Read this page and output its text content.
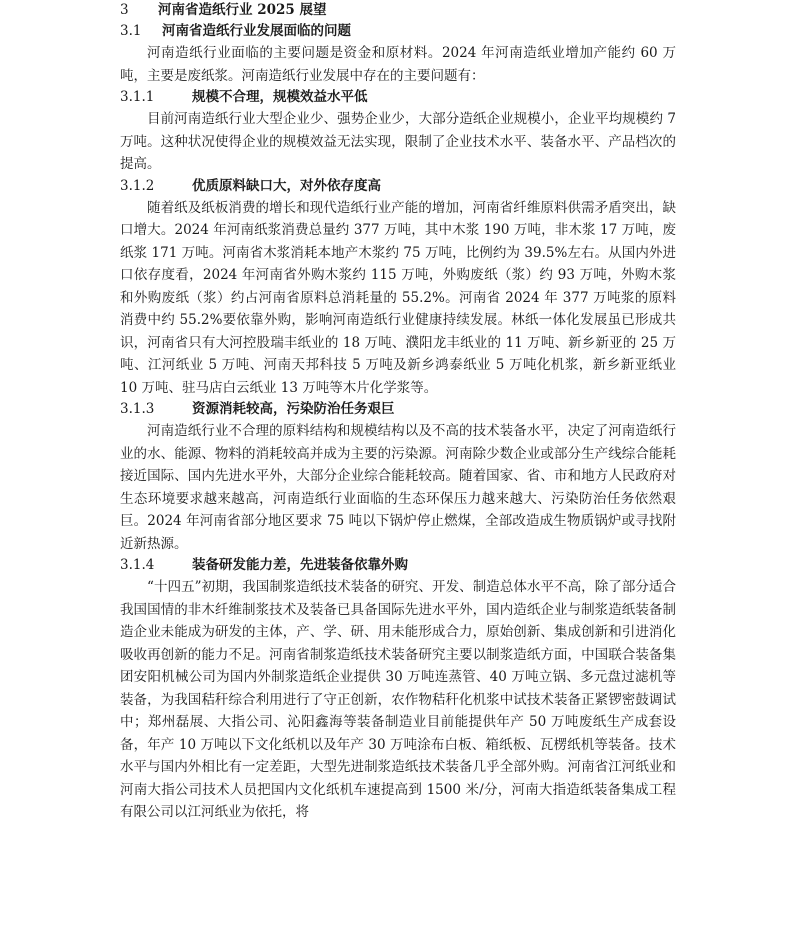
3 河南省造纸行业 2025 展望
3.1 河南省造纸行业发展面临的问题

河南造纸行业面临的主要问题是资金和原材料。2024 年河南造纸业增加产能约 60 万吨，主要是废纸浆。河南造纸行业发展中存在的主要问题有：

3.1.1	规模不合理，规模效益水平低

目前河南造纸行业大型企业少、强势企业少，大部分造纸企业规模小，企业平均规模约 7 万吨。这种状况使得企业的规模效益无法实现，限制了企业技术水平、装备水平、产品档次的提高。

3.1.2	优质原料缺口大，对外依存度高

随着纸及纸板消费的增长和现代造纸行业产能的增加，河南省纤维原料供需矛盾突出，缺口增大。2024 年河南纸浆消费总量约 377 万吨，其中木浆 190 万吨，非木浆 17 万吨，废纸浆 171 万吨。河南省木浆消耗本地产木浆约 75 万吨，比例约为 39.5%左右。从国内外进口依存度看，2024 年河南省外购木浆约 115 万吨，外购废纸（浆）约 93 万吨，外购木浆和外购废纸（浆）约占河南省原料总消耗量的 55.2%。河南省 2024 年 377 万吨浆的原料消费中约 55.2%要依靠外购，影响河南造纸行业健康持续发展。林纸一体化发展虽已形成共识，河南省只有大河控股瑞丰纸业的 18 万吨、濮阳龙丰纸业的 11 万吨、新乡新亚的 25 万吨、江河纸业 5 万吨、河南天邦科技 5 万吨及新乡鸿泰纸业 5 万吨化机浆，新乡新亚纸业 10 万吨、驻马店白云纸业 13 万吨等木片化学浆等。

3.1.3	资源消耗较高，污染防治任务艰巨

河南造纸行业不合理的原料结构和规模结构以及不高的技术装备水平，决定了河南造纸行业的水、能源、物料的消耗较高并成为主要的污染源。河南除少数企业或部分生产线综合能耗接近国际、国内先进水平外，大部分企业综合能耗较高。随着国家、省、市和地方人民政府对生态环境要求越来越高，河南造纸行业面临的生态环保压力越来越大、污染防治任务依然艰巨。2024 年河南省部分地区要求 75 吨以下锅炉停止燃煤，全部改造成生物质锅炉或寻找附近新热源。

3.1.4	装备研发能力差，先进装备依靠外购

“十四五”初期，我国制浆造纸技术装备的研究、开发、制造总体水平不高，除了部分适合我国国情的非木纤维制浆技术及装备已具备国际先进水平外，国内造纸企业与制浆造纸装备制造企业未能成为研发的主体，产、学、研、用未能形成合力，原始创新、集成创新和引进消化吸收再创新的能力不足。河南省制浆造纸技术装备研究主要以制浆造纸方面，中国联合装备集团安阳机械公司为国内外制浆造纸企业提供 30 万吨连蒸管、40 万吨立锅、多元盘过滤机等装备，为我国秸秆综合利用进行了守正创新，农作物秸秆化机浆中试技术装备正紧锣密鼓调试中；郑州磊展、大指公司、沁阳鑫海等装备制造业目前能提供年产 50 万吨废纸生产成套设备，年产 10 万吨以下文化纸机以及年产 30 万吨涂布白板、箱纸板、瓦楞纸机等装备。技术水平与国内外相比有一定差距，大型先进制浆造纸技术装备几乎全部外购。河南省江河纸业和河南大指公司技术人员把国内文化纸机车速提高到 1500 米/分，河南大指造纸装备集成工程有限公司以江河纸业为依托，将
